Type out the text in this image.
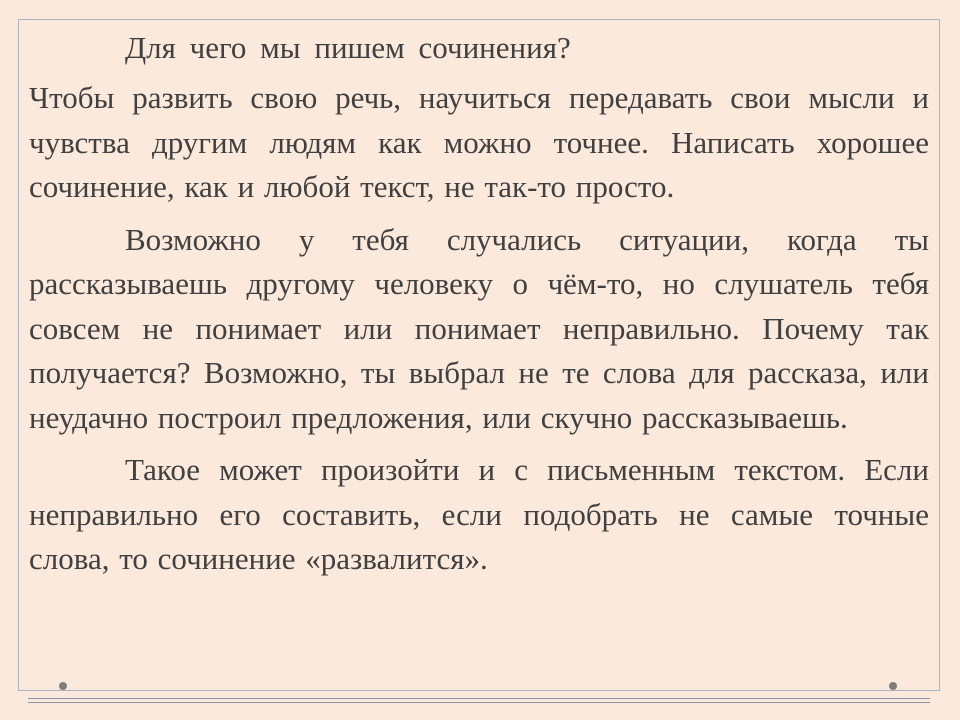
Для чего мы пишем сочинения?

Чтобы развить свою речь, научиться передавать свои мысли и чувства другим людям как можно точнее. Написать хорошее сочинение, как и любой текст, не так-то просто.

Возможно у тебя случались ситуации, когда ты рассказываешь другому человеку о чём-то, но слушатель тебя совсем не понимает или понимает неправильно. Почему так получается? Возможно, ты выбрал не те слова для рассказа, или неудачно построил предложения, или скучно рассказываешь.

Такое может произойти и с письменным текстом. Если неправильно его составить, если подобрать не самые точные слова, то сочинение «развалится».
